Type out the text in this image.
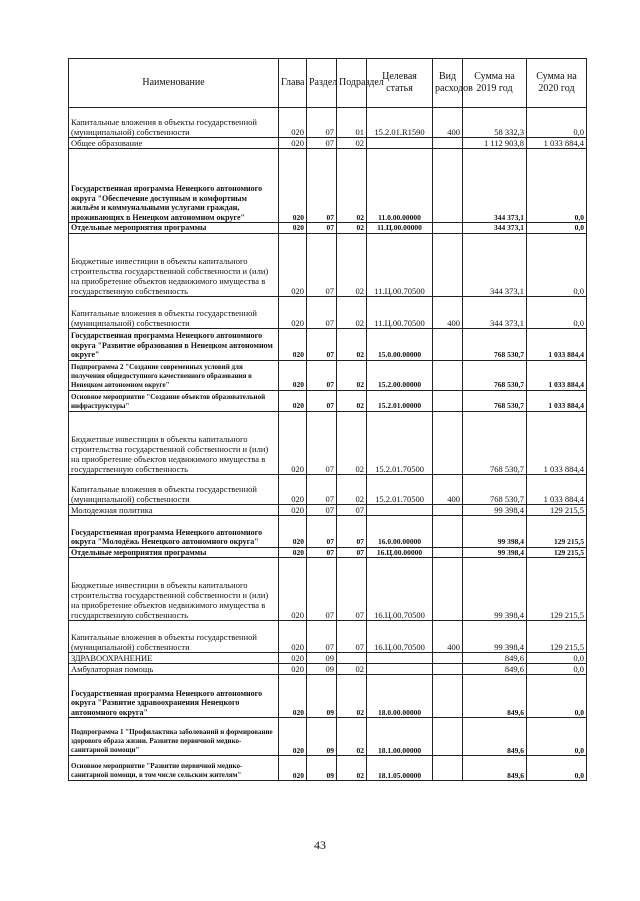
Наименование	Глава	Раздел	Подраздел	Целевая статья	Вид расходов	Сумма на 2019 год	Сумма на 2020 год
Капитальные вложения в объекты государственной (муниципальной) собственности	020	07	01	15.2.01.R1590	400	58 332,3	0,0
Общее образование	020	07	02			1 112 903,8	1 033 884,4
Государственная программа Ненецкого автономного округа "Обеспечение доступным и комфортным жильём и коммунальными услугами граждан, проживающих в Ненецком автономном округе"	020	07	02	11.0.00.00000		344 373,1	0,0
Отдельные мероприятия программы	020	07	02	11.Ц.00.00000		344 373,1	0,0
Бюджетные инвестиции в объекты капитального строительства государственной собственности и (или) на приобретение объектов недвижимого имущества в государственную собственность	020	07	02	11.Ц.00.70500		344 373,1	0,0
Капитальные вложения в объекты государственной (муниципальной) собственности	020	07	02	11.Ц.00.70500	400	344 373,1	0,0
Государственная программа Ненецкого автономного округа "Развитие образования в Ненецком автономном округе"	020	07	02	15.0.00.00000		768 530,7	1 033 884,4
Подпрограмма 2 "Создание современных условий для получения общедоступного качественного образования в Ненецком автономном округе"	020	07	02	15.2.00.00000		768 530,7	1 033 884,4
Основное мероприятие "Создание объектов образовательной инфраструктуры"	020	07	02	15.2.01.00000		768 530,7	1 033 884,4
Бюджетные инвестиции в объекты капитального строительства государственной собственности и (или) на приобретение объектов недвижимого имущества в государственную собственность	020	07	02	15.2.01.70500		768 530,7	1 033 884,4
Капитальные вложения в объекты государственной (муниципальной) собственности	020	07	02	15.2.01.70500	400	768 530,7	1 033 884,4
Молодежная политика	020	07	07			99 398,4	129 215,5
Государственная программа Ненецкого автономного округа "Молодёжь Ненецкого автономного округа"	020	07	07	16.0.00.00000		99 398,4	129 215,5
Отдельные мероприятия программы	020	07	07	16.Ц.00.00000		99 398,4	129 215,5
Бюджетные инвестиции в объекты капитального строительства государственной собственности и (или) на приобретение объектов недвижимого имущества в государственную собственность	020	07	07	16.Ц.00.70500		99 398,4	129 215,5
Капитальные вложения в объекты государственной (муниципальной) собственности	020	07	07	16.Ц.00.70500	400	99 398,4	129 215,5
ЗДРАВООХРАНЕНИЕ	020	09				849,6	0,0
Амбулаторная помощь	020	09	02			849,6	0,0
Государственная программа Ненецкого автономного округа "Развитие здравоохранения Ненецкого автономного округа"	020	09	02	18.0.00.00000		849,6	0,0
Подпрограмма 1 "Профилактика заболеваний и формирование здорового образа жизни. Развитие первичной медико-санитарной помощи"	020	09	02	18.1.00.00000		849,6	0,0
Основное мероприятие "Развитие первичной медико-санитарной помощи, в том числе сельским жителям"	020	09	02	18.1.05.00000		849,6	0,0
43
